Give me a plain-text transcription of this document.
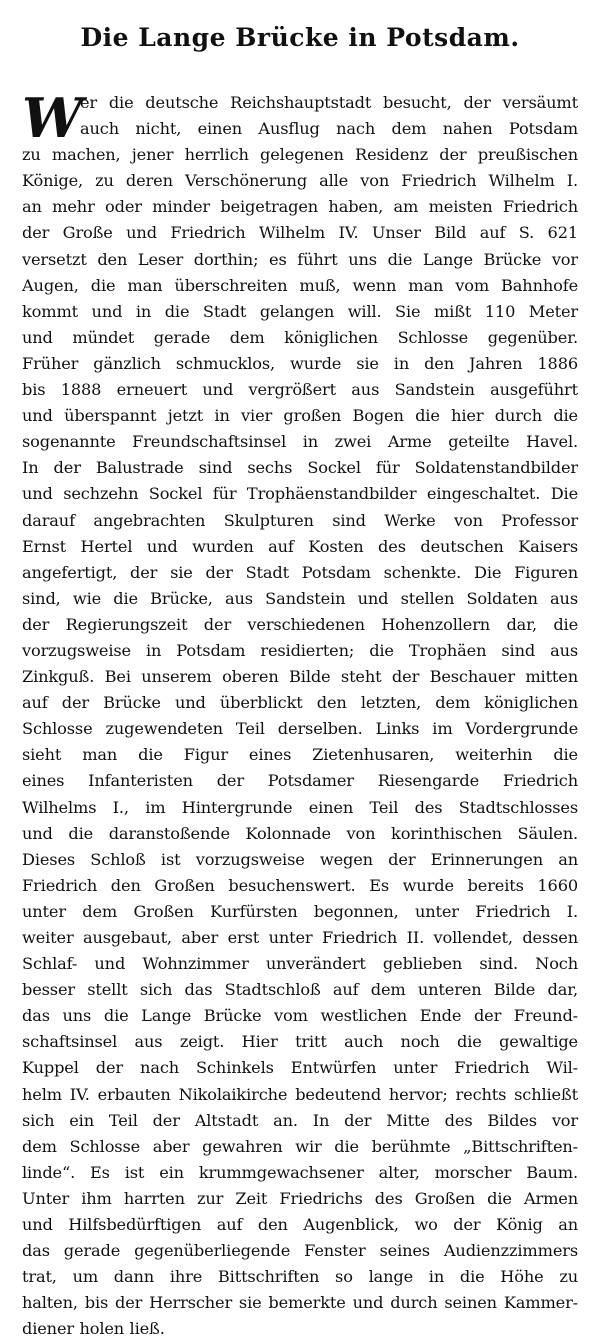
Die Lange Brücke in Potsdam.
W
er die deutsche Reichshauptstadt besucht, der versäumt
auch nicht, einen Ausflug nach dem nahen Potsdam
zu machen, jener herrlich gelegenen Residenz der preußischen
Könige, zu deren Verschönerung alle von Friedrich Wilhelm I.
an mehr oder minder beigetragen haben, am meisten Friedrich
der Große und Friedrich Wilhelm IV. Unser Bild auf S. 621
versetzt den Leser dorthin; es führt uns die Lange Brücke vor
Augen, die man überschreiten muß, wenn man vom Bahnhofe
kommt und in die Stadt gelangen will. Sie mißt 110 Meter
und mündet gerade dem königlichen Schlosse gegenüber.
Früher gänzlich schmucklos, wurde sie in den Jahren 1886
bis 1888 erneuert und vergrößert aus Sandstein ausgeführt
und überspannt jetzt in vier großen Bogen die hier durch die
sogenannte Freundschaftsinsel in zwei Arme geteilte Havel.
In der Balustrade sind sechs Sockel für Soldatenstandbilder
und sechzehn Sockel für Trophäenstandbilder eingeschaltet. Die
darauf angebrachten Skulpturen sind Werke von Professor
Ernst Hertel und wurden auf Kosten des deutschen Kaisers
angefertigt, der sie der Stadt Potsdam schenkte. Die Figuren
sind, wie die Brücke, aus Sandstein und stellen Soldaten aus
der Regierungszeit der verschiedenen Hohenzollern dar, die
vorzugsweise in Potsdam residierten; die Trophäen sind aus
Zinkguß. Bei unserem oberen Bilde steht der Beschauer mitten
auf der Brücke und überblickt den letzten, dem königlichen
Schlosse zugewendeten Teil derselben. Links im Vordergrunde
sieht man die Figur eines Zietenhusaren, weiterhin die
eines Infanteristen der Potsdamer Riesengarde Friedrich
Wilhelms I., im Hintergrunde einen Teil des Stadtschlosses
und die daranstoßende Kolonnade von korinthischen Säulen.
Dieses Schloß ist vorzugsweise wegen der Erinnerungen an
Friedrich den Großen besuchenswert. Es wurde bereits 1660
unter dem Großen Kurfürsten begonnen, unter Friedrich I.
weiter ausgebaut, aber erst unter Friedrich II. vollendet, dessen
Schlaf- und Wohnzimmer unverändert geblieben sind. Noch
besser stellt sich das Stadtschloß auf dem unteren Bilde dar,
das uns die Lange Brücke vom westlichen Ende der Freund-
schaftsinsel aus zeigt. Hier tritt auch noch die gewaltige
Kuppel der nach Schinkels Entwürfen unter Friedrich Wil-
helm IV. erbauten Nikolaikirche bedeutend hervor; rechts schließt
sich ein Teil der Altstadt an. In der Mitte des Bildes vor
dem Schlosse aber gewahren wir die berühmte „Bittschriften-
linde“. Es ist ein krummgewachsener alter, morscher Baum.
Unter ihm harrten zur Zeit Friedrichs des Großen die Armen
und Hilfsbedürftigen auf den Augenblick, wo der König an
das gerade gegenüberliegende Fenster seines Audienzzimmers
trat, um dann ihre Bittschriften so lange in die Höhe zu
halten, bis der Herrscher sie bemerkte und durch seinen Kammer-
diener holen ließ.
